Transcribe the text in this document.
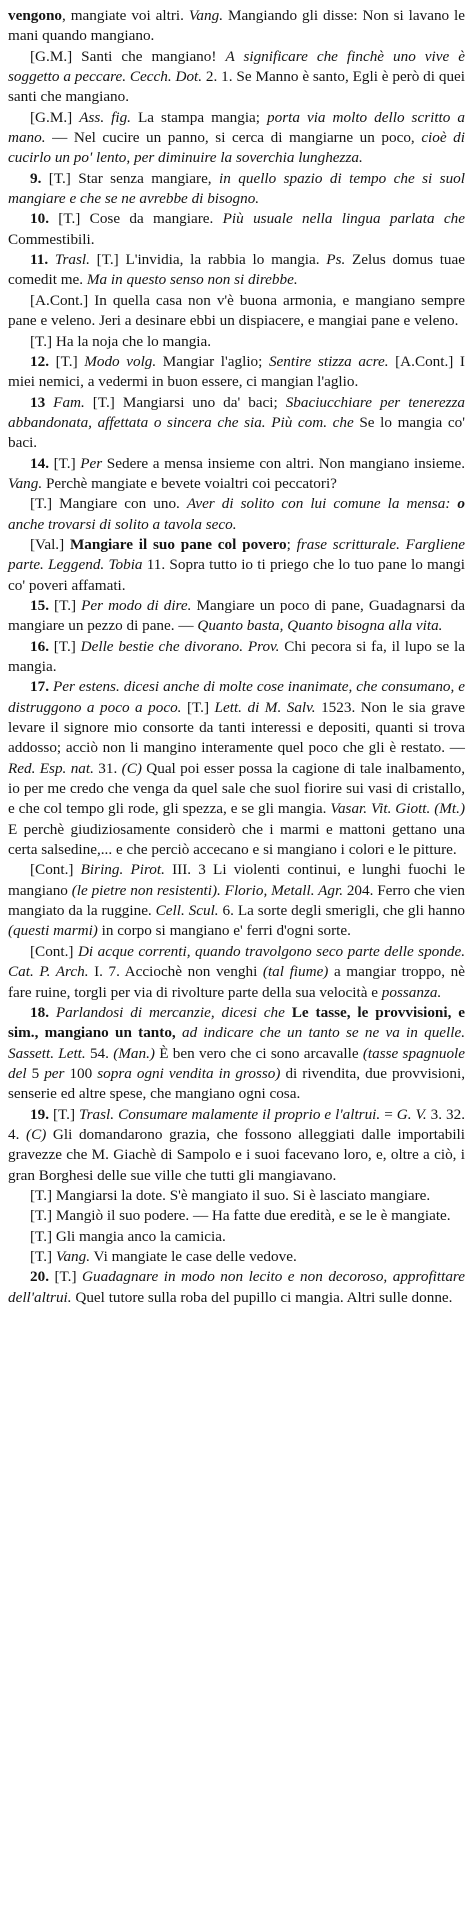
vengono, mangiate voi altri. Vang. Mangiando gli disse: Non si lavano le mani quando mangiano.

[G.M.] Santi che mangiano! A significare che finchè uno vive è soggetto a peccare. Cecch. Dot. 2. 1. Se Manno è santo, Egli è però di quei santi che mangiano.

[G.M.] Ass. fig. La stampa mangia; porta via molto dello scritto a mano. — Nel cucire un panno, si cerca di mangiarne un poco, cioè di cucirlo un po' lento, per diminuire la soverchia lunghezza.

9. [T.] Star senza mangiare, in quello spazio di tempo che si suol mangiare e che se ne avrebbe di bisogno.

10. [T.] Cose da mangiare. Più usuale nella lingua parlata che Commestibili.

11. Trasl. [T.] L'invidia, la rabbia lo mangia. Ps. Zelus domus tuae comedit me. Ma in questo senso non si direbbe.

[A.Cont.] In quella casa non v'è buona armonia, e mangiano sempre pane e veleno. Jeri a desinare ebbi un dispiacere, e mangiai pane e veleno.

[T.] Ha la noja che lo mangia.

12. [T.] Modo volg. Mangiar l'aglio; Sentire stizza acre. [A.Cont.] I miei nemici, a vedermi in buon essere, ci mangian l'aglio.

13 Fam. [T.] Mangiarsi uno da' baci; Sbaciucchiare per tenerezza abbandonata, affettata o sincera che sia. Più com. che Se lo mangia co' baci.

14. [T.] Per Sedere a mensa insieme con altri. Non mangiano insieme. Vang. Perchè mangiate e bevete voialtri coi peccatori?

[T.] Mangiare con uno. Aver di solito con lui comune la mensa: o anche trovarsi di solito a tavola seco.

[Val.] Mangiare il suo pane col povero; frase scritturale. Fargliene parte. Leggend. Tobia 11. Sopra tutto io ti priego che lo tuo pane lo mangi co' poveri affamati.

15. [T.] Per modo di dire. Mangiare un poco di pane, Guadagnarsi da mangiare un pezzo di pane. — Quanto basta, Quanto bisogna alla vita.

16. [T.] Delle bestie che divorano. Prov. Chi pecora si fa, il lupo se la mangia.

17. Per estens. dicesi anche di molte cose inanimate, che consumano, e distruggono a poco a poco. [T.] Lett. di M. Salv. 1523. Non le sia grave levare il signore mio consorte da tanti interessi e depositi, quanti si trova addosso; acciò non li mangino interamente quel poco che gli è restato. — Red. Esp. nat. 31. (C) Qual poi esser possa la cagione di tale inalbamento, io per me credo che venga da quel sale che suol fiorire sui vasi di cristallo, e che col tempo gli rode, gli spezza, e se gli mangia. Vasar. Vit. Giott. (Mt.) E perchè giudiziosamente considerò che i marmi e mattoni gettano una certa salsedine,... e che perciò accecano e si mangiano i colori e le pitture.

[Cont.] Biring. Pirot. III. 3 Li violenti continui, e lunghi fuochi le mangiano (le pietre non resistenti). Florio, Metall. Agr. 204. Ferro che vien mangiato da la ruggine. Cell. Scul. 6. La sorte degli smerigli, che gli hanno (questi marmi) in corpo si mangiano e' ferri d'ogni sorte.

[Cont.] Di acque correnti, quando travolgono seco parte delle sponde. Cat. P. Arch. I. 7. Acciochè non venghi (tal fiume) a mangiar troppo, nè fare ruine, torgli per via di rivolture parte della sua velocità e possanza.

18. Parlandosi di mercanzie, dicesi che Le tasse, le provvisioni, e sim., mangiano un tanto, ad indicare che un tanto se ne va in quelle. Sassett. Lett. 54. (Man.) È ben vero che ci sono arcavalle (tasse spagnuole del 5 per 100 sopra ogni vendita in grosso) di rivendita, due provvisioni, senserie ed altre spese, che mangiano ogni cosa.

19. [T.] Trasl. Consumare malamente il proprio e l'altrui. = G. V. 3. 32. 4. (C) Gli domandarono grazia, che fossono alleggiati dalle importabili gravezze che M. Giachè di Sampolo e i suoi facevano loro, e, oltre a ciò, i gran Borghesi delle sue ville che tutti gli mangiavano.

[T.] Mangiarsi la dote. S'è mangiato il suo. Si è lasciato mangiare.

[T.] Mangiò il suo podere. — Ha fatte due eredità, e se le è mangiate.

[T.] Gli mangia anco la camicia.

[T.] Vang. Vi mangiate le case delle vedove.

20. [T.] Guadagnare in modo non lecito e non decoroso, approfittare dell'altrui. Quel tutore sulla roba del pupillo ci mangia. Altri sulle donne.
